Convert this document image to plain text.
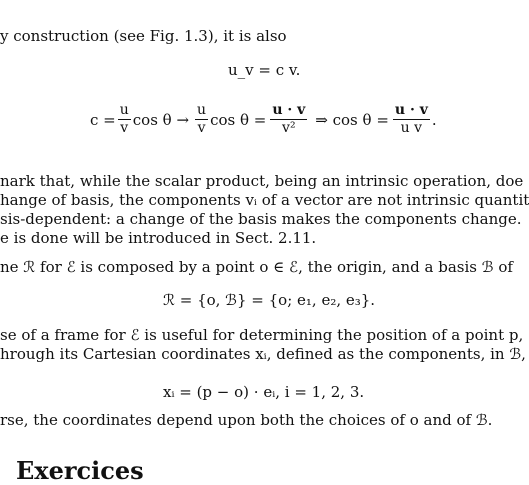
y construction (see Fig. 1.3), it is also
u_v = c v.
$c = \frac{u}{v}$ $\cos \theta \to \frac{u}{v}$ $\cos \theta = \frac{u \cdot v}{\text{v²}}$ ⇒ $\cos \theta = \frac{u \cdot v}{\text{u v}}$ .
nark that, while the scalar product, being an intrinsic operation, doe
hange of basis, the components vᵢ of a vector are not intrinsic quantit
sis-dependent: a change of the basis makes the components change.
e is done will be introduced in Sect. 2.11.
ne ℛ for ℰ is composed by a point o ∈ ℰ, the origin, and a basis ℬ of
ℛ = {o, ℬ} = {o; e₁, e₂, e₃}.
se of a frame for ℰ is useful for determining the position of a point p,
hrough its Cartesian coordinates xᵢ, defined as the components, in ℬ,
xᵢ = (p − o) · eᵢ, i = 1, 2, 3.
rse, the coordinates depend upon both the choices of o and of ℬ.
Exercices
